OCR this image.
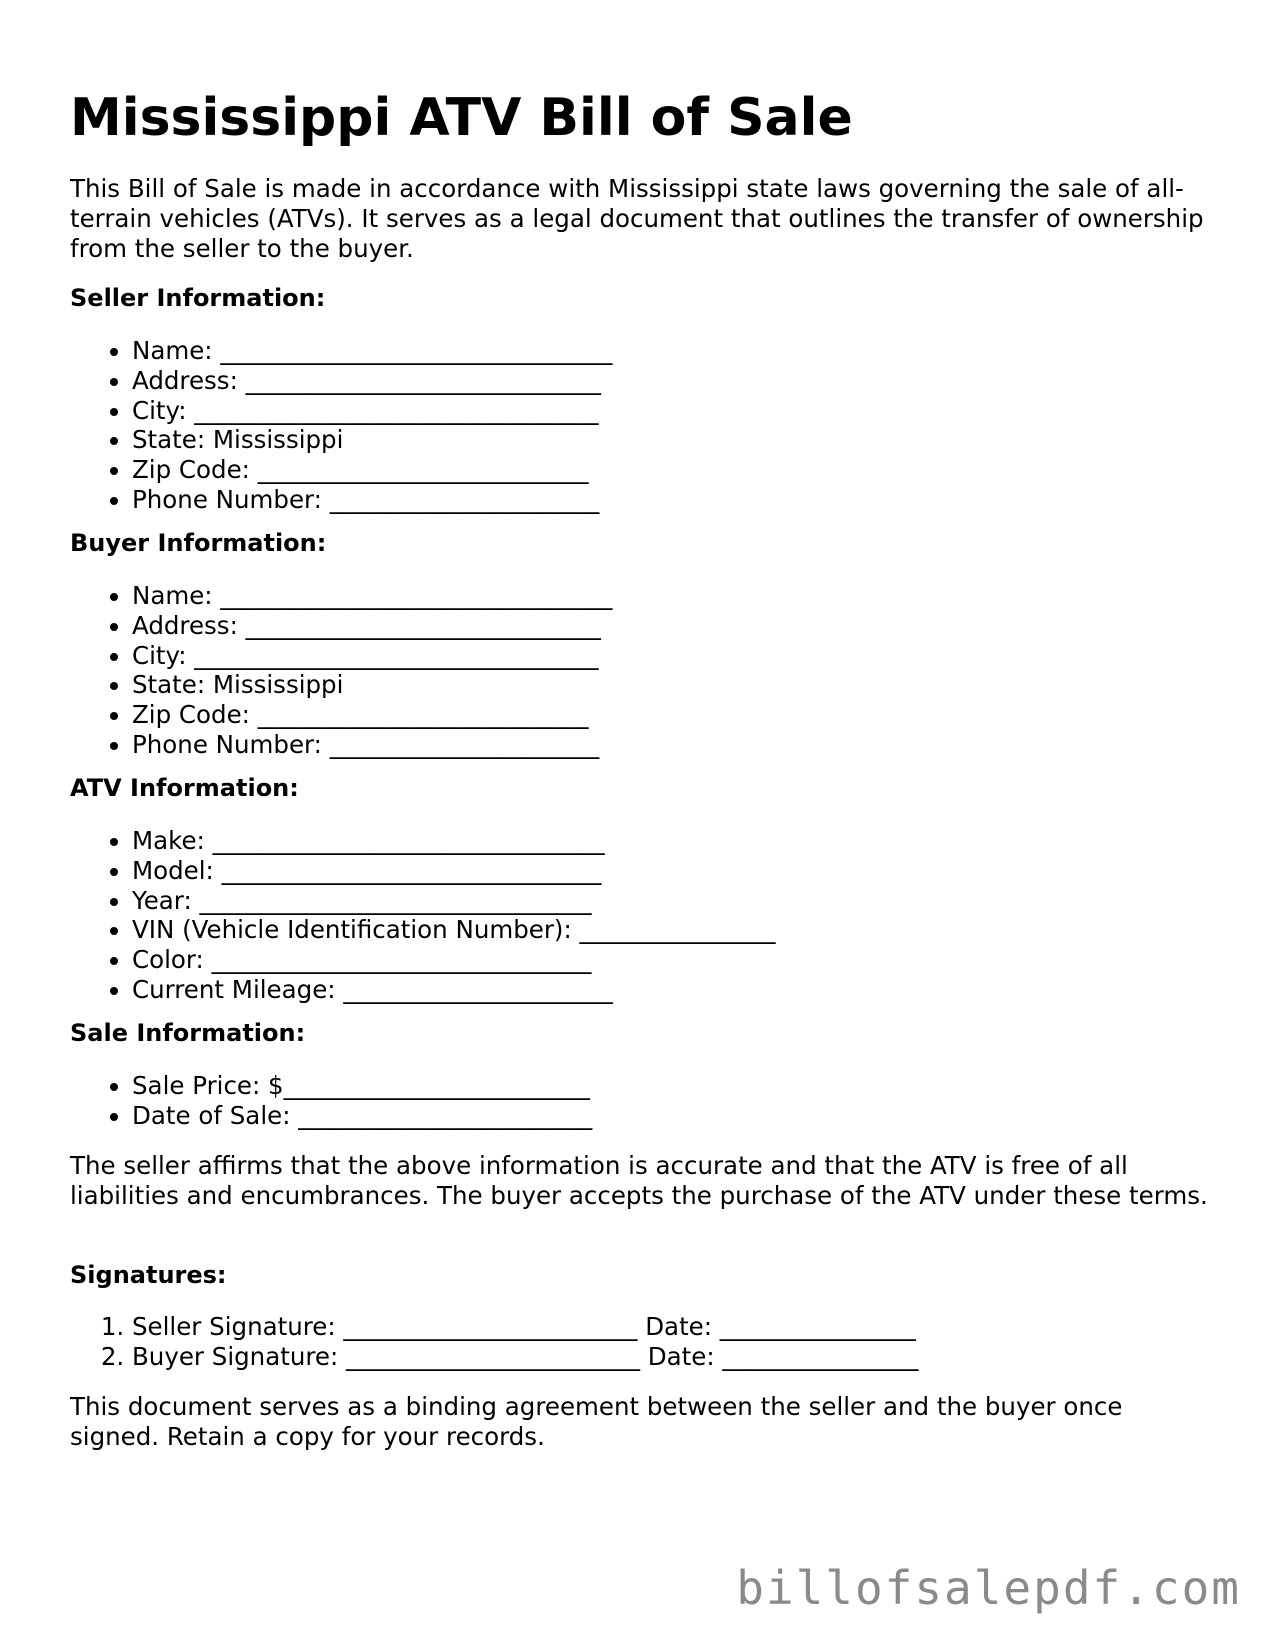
Mississippi ATV Bill of Sale

This Bill of Sale is made in accordance with Mississippi state laws governing the sale of all-terrain vehicles (ATVs). It serves as a legal document that outlines the transfer of ownership from the seller to the buyer.

Seller Information:

• Name: ________________________________
• Address: _____________________________
• City: _________________________________
• State: Mississippi
• Zip Code: ___________________________
• Phone Number: ______________________

Buyer Information:

• Name: ________________________________
• Address: _____________________________
• City: _________________________________
• State: Mississippi
• Zip Code: ___________________________
• Phone Number: ______________________

ATV Information:

• Make: ________________________________
• Model: _______________________________
• Year: ________________________________
• VIN (Vehicle Identification Number): ________________
• Color: _______________________________
• Current Mileage: ______________________

Sale Information:

• Sale Price: $_________________________
• Date of Sale: ________________________

The seller affirms that the above information is accurate and that the ATV is free of all liabilities and encumbrances. The buyer accepts the purchase of the ATV under these terms.

Signatures:

1. Seller Signature: ________________________ Date: ________________
2. Buyer Signature: ________________________ Date: ________________

This document serves as a binding agreement between the seller and the buyer once signed. Retain a copy for your records.

billofsalepdf.com
